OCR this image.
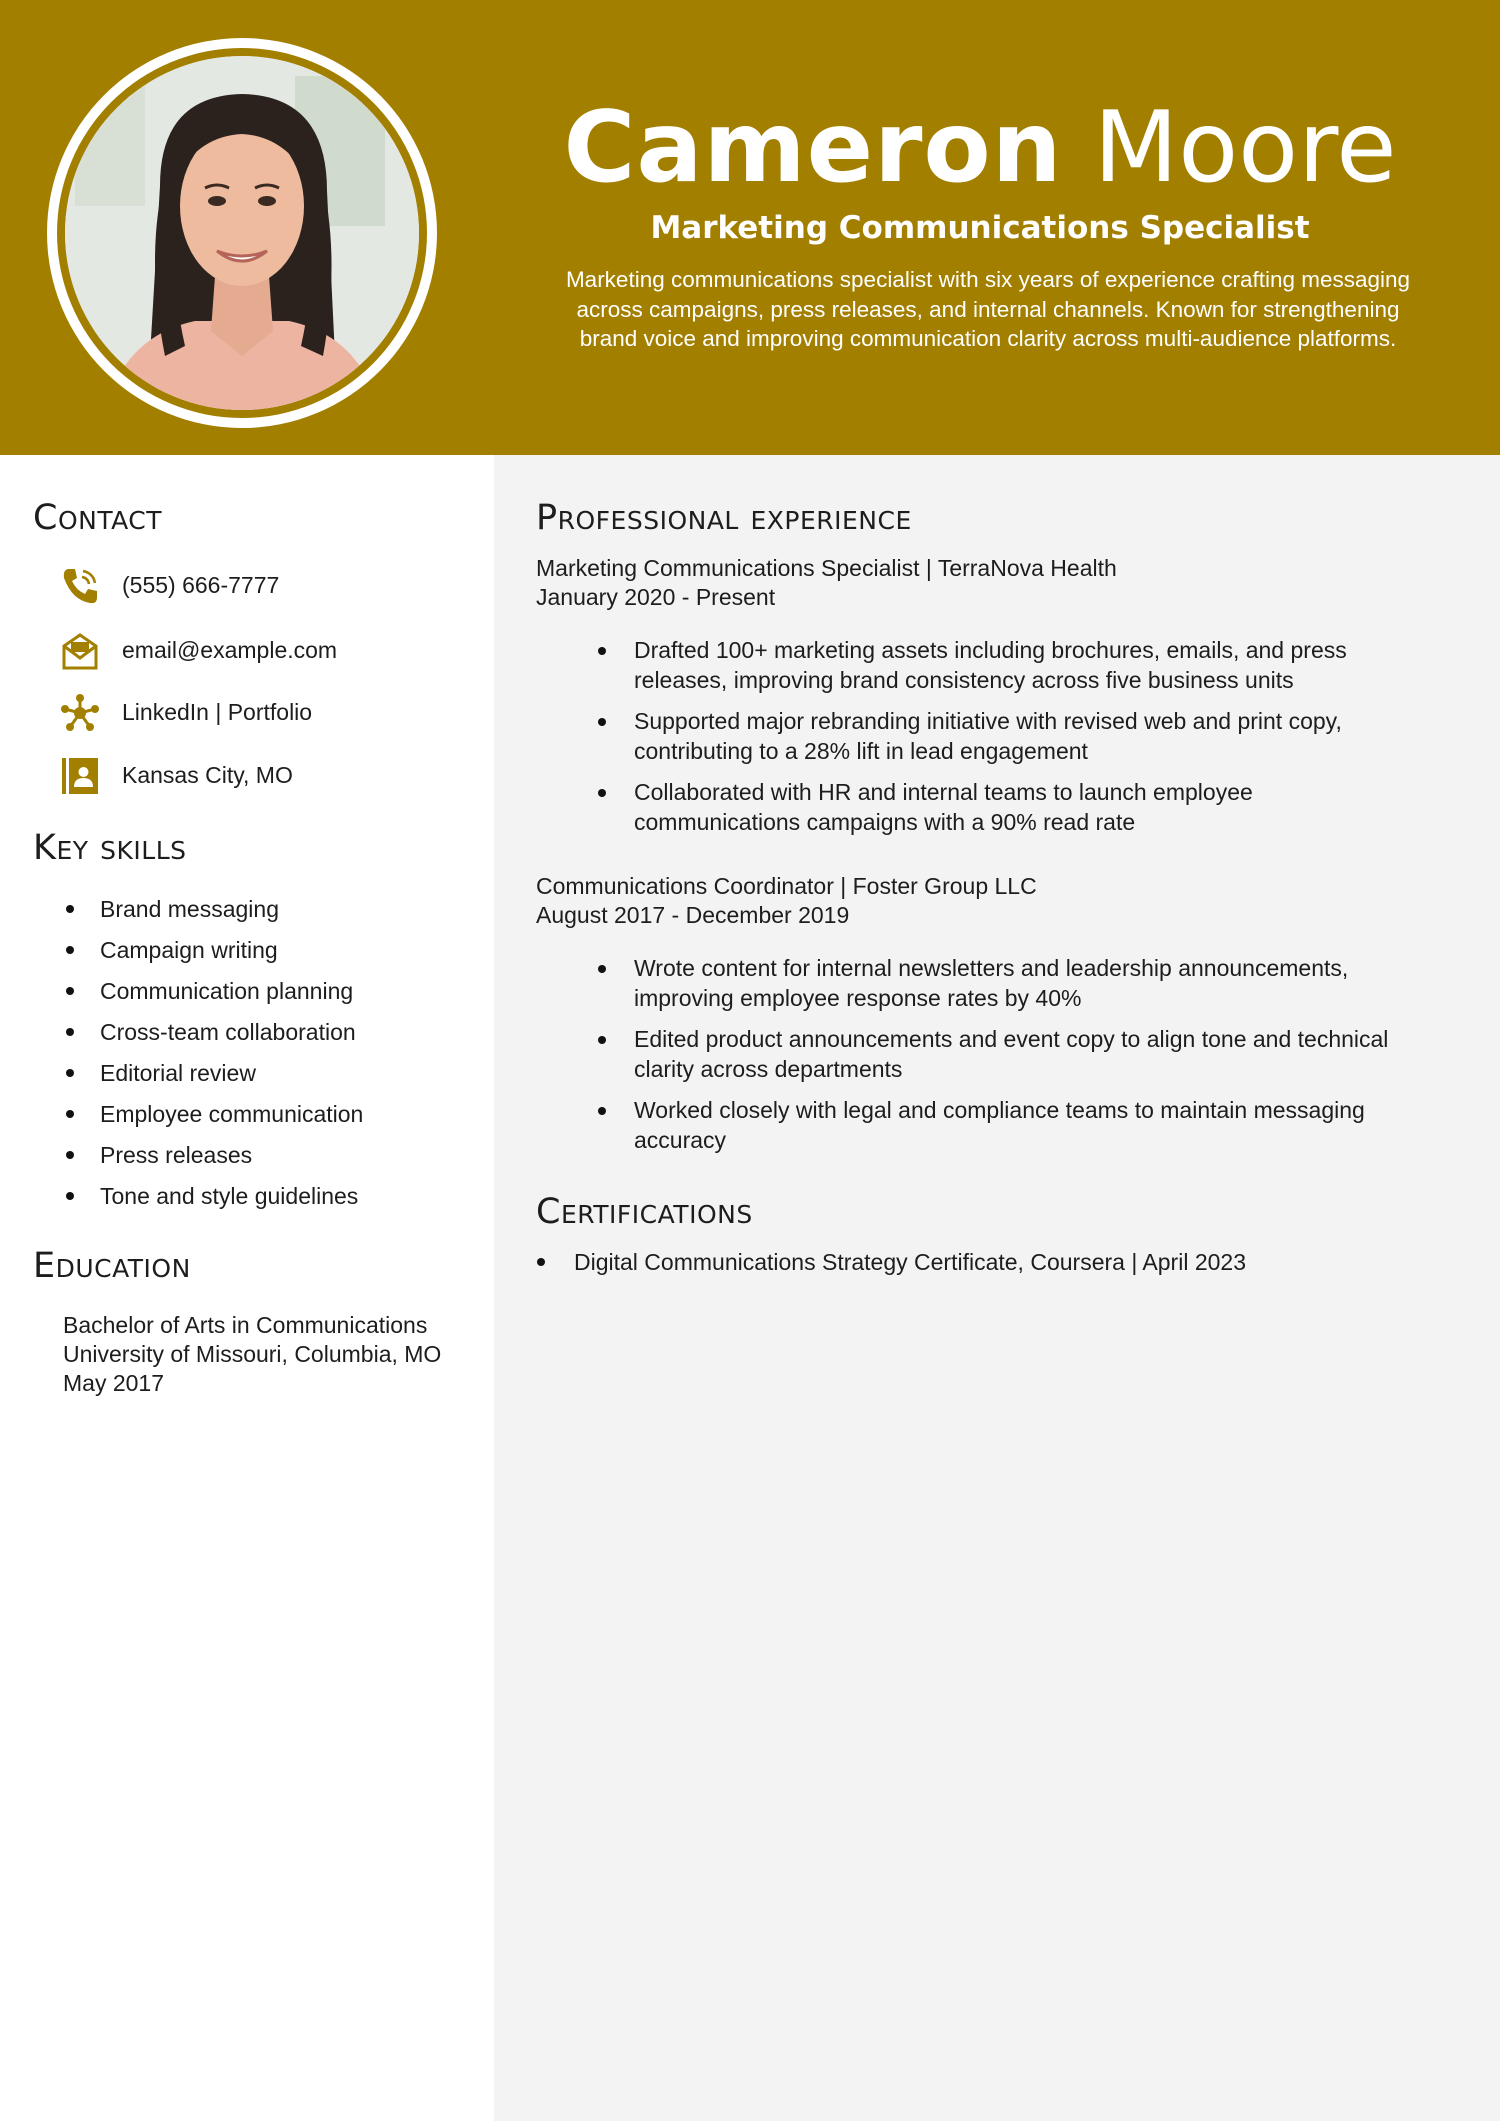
Cameron Moore
Marketing Communications Specialist
Marketing communications specialist with six years of experience crafting messaging across campaigns, press releases, and internal channels. Known for strengthening brand voice and improving communication clarity across multi-audience platforms.
Contact
(555) 666-7777
email@example.com
LinkedIn | Portfolio
Kansas City, MO
Key skills
Brand messaging
Campaign writing
Communication planning
Cross-team collaboration
Editorial review
Employee communication
Press releases
Tone and style guidelines
Education
Bachelor of Arts in Communications
University of Missouri, Columbia, MO
May 2017
Professional experience
Marketing Communications Specialist | TerraNova Health
January 2020 - Present
Drafted 100+ marketing assets including brochures, emails, and press releases, improving brand consistency across five business units
Supported major rebranding initiative with revised web and print copy, contributing to a 28% lift in lead engagement
Collaborated with HR and internal teams to launch employee communications campaigns with a 90% read rate
Communications Coordinator | Foster Group LLC
August 2017 - December 2019
Wrote content for internal newsletters and leadership announcements, improving employee response rates by 40%
Edited product announcements and event copy to align tone and technical clarity across departments
Worked closely with legal and compliance teams to maintain messaging accuracy
Certifications
Digital Communications Strategy Certificate, Coursera | April 2023
